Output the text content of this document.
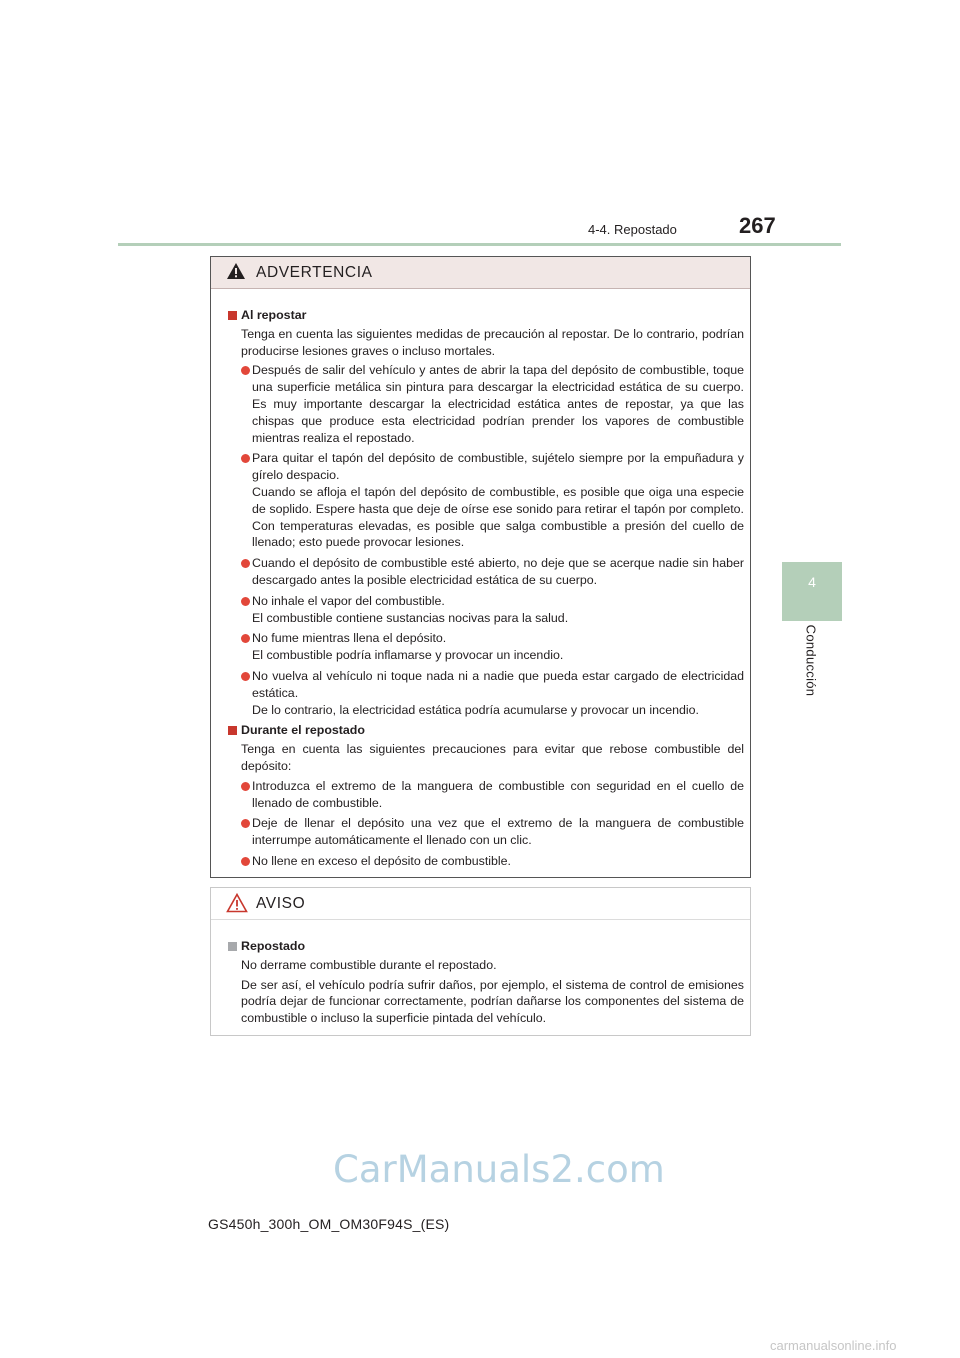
4-4. Repostado	267
4
Conducción
ADVERTENCIA
Al repostar
Tenga en cuenta las siguientes medidas de precaución al repostar. De lo contrario, podrían producirse lesiones graves o incluso mortales.

Después de salir del vehículo y antes de abrir la tapa del depósito de combustible, toque una superficie metálica sin pintura para descargar la electricidad estática de su cuerpo. Es muy importante descargar la electricidad estática antes de repostar, ya que las chispas que produce esta electricidad podrían prender los vapores de combustible mientras realiza el repostado.

Para quitar el tapón del depósito de combustible, sujételo siempre por la empuñadura y gírelo despacio.

Cuando se afloja el tapón del depósito de combustible, es posible que oiga una especie de soplido. Espere hasta que deje de oírse ese sonido para retirar el tapón por completo. Con temperaturas elevadas, es posible que salga combustible a presión del cuello de llenado; esto puede provocar lesiones.

Cuando el depósito de combustible esté abierto, no deje que se acerque nadie sin haber descargado antes la posible electricidad estática de su cuerpo.

No inhale el vapor del combustible.

El combustible contiene sustancias nocivas para la salud.

No fume mientras llena el depósito.

El combustible podría inflamarse y provocar un incendio.

No vuelva al vehículo ni toque nada ni a nadie que pueda estar cargado de electricidad estática.

De lo contrario, la electricidad estática podría acumularse y provocar un incendio.

Durante el repostado
Tenga en cuenta las siguientes precauciones para evitar que rebose combustible del depósito:

Introduzca el extremo de la manguera de combustible con seguridad en el cuello de llenado de combustible.

Deje de llenar el depósito una vez que el extremo de la manguera de combustible interrumpe automáticamente el llenado con un clic.

No llene en exceso el depósito de combustible.

AVISO
Repostado
No derrame combustible durante el repostado.
De ser así, el vehículo podría sufrir daños, por ejemplo, el sistema de control de emisiones podría dejar de funcionar correctamente, podrían dañarse los componentes del sistema de combustible o incluso la superficie pintada del vehículo.
GS450h_300h_OM_OM30F94S_(ES)
CarManuals2.com
carmanualsonline.info
